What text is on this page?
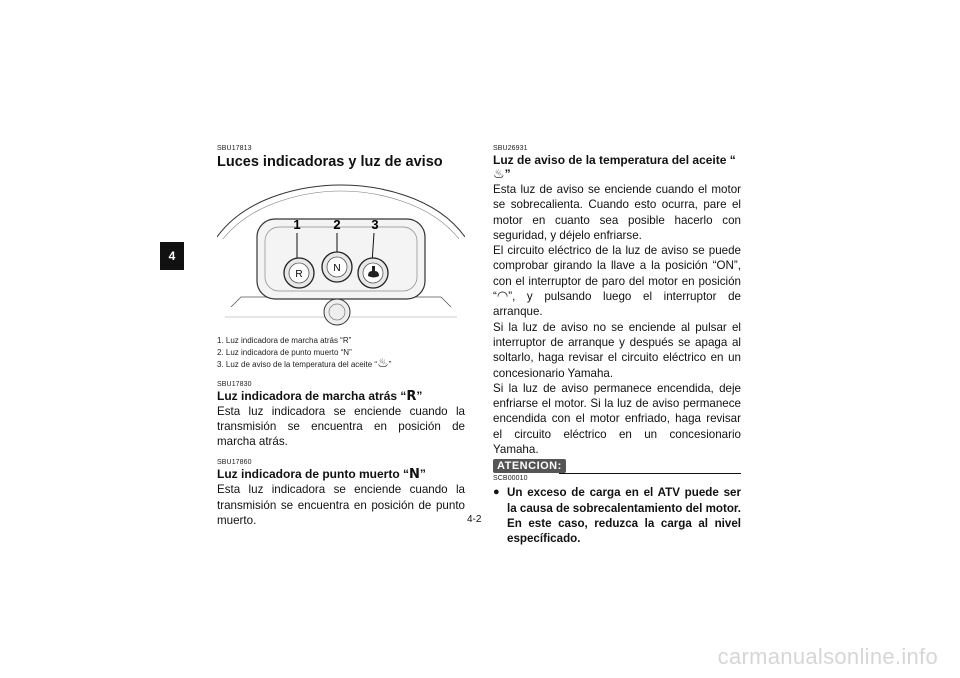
4
SBU17813
Luces indicadoras y luz de aviso
R
N
1	2 3
1. Luz indicadora de marcha atrás “R”
2. Luz indicadora de punto muerto “N”
3. Luz de aviso de la temperatura del aceite “♨”
SBU17830
Luz indicadora de marcha atrás “R”
Esta luz indicadora se enciende cuando la transmisión se encuentra en posición de marcha atrás.
SBU17860
Luz indicadora de punto muerto “N”
Esta luz indicadora se enciende cuando la transmisión se encuentra en posición de punto muerto.
SBU26931
Luz de aviso de la temperatura del aceite “♨”
Esta luz de aviso se enciende cuando el motor se sobrecalienta. Cuando esto ocurra, pare el motor en cuanto sea posible hacerlo con seguridad, y déjelo enfriarse.
El circuito eléctrico de la luz de aviso se puede comprobar girando la llave a la posición “ON”, con el interruptor de paro del motor en posición “◠”, y pulsando luego el interruptor de arranque.
Si la luz de aviso no se enciende al pulsar el interruptor de arranque y después se apaga al soltarlo, haga revisar el circuito eléctrico en un concesionario Yamaha.
Si la luz de aviso permanece encendida, deje enfriarse el motor. Si la luz de aviso permanece encendida con el motor enfriado, haga revisar el circuito eléctrico en un concesionario Yamaha.
ATENCION:
SCB00010
● Un exceso de carga en el ATV puede ser la causa de sobrecalentamiento del motor. En este caso, reduzca la carga al nivel específicado.
4-2
carmanualsonline.info
